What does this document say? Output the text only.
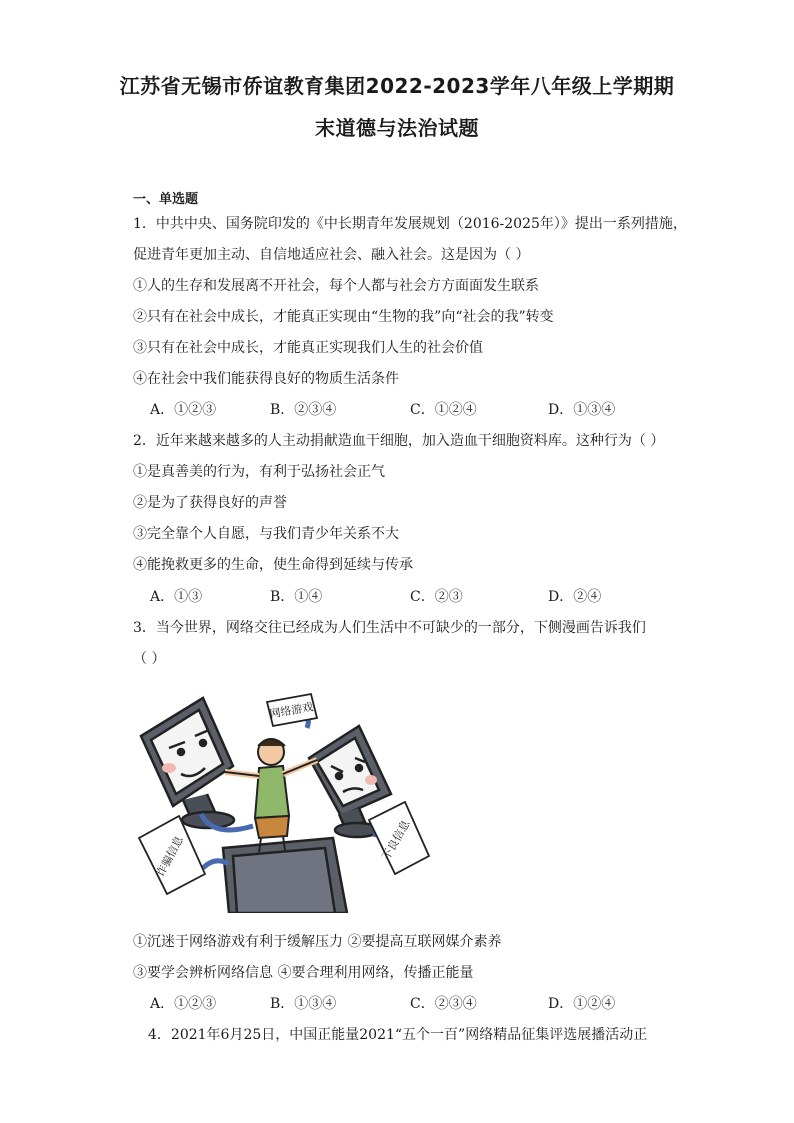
江苏省无锡市侨谊教育集团2022-2023学年八年级上学期期
末道德与法治试题
一、单选题
1．中共中央、国务院印发的《中长期青年发展规划（2016-2025年）》提出一系列措施，
促进青年更加主动、自信地适应社会、融入社会。这是因为（ ）
①人的生存和发展离不开社会，每个人都与社会方方面面发生联系
②只有在社会中成长，才能真正实现由“生物的我”向“社会的我”转变
③只有在社会中成长，才能真正实现我们人生的社会价值
④在社会中我们能获得良好的物质生活条件
A．①②③	B．②③④	C．①②④	D．①③④
2．近年来越来越多的人主动捐献造血干细胞，加入造血干细胞资料库。这种行为（ ）
①是真善美的行为，有利于弘扬社会正气
②是为了获得良好的声誉
③完全靠个人自愿，与我们青少年关系不大
④能挽救更多的生命，使生命得到延续与传承
A．①③	B．①④	C．②③	D．②④
3．当今世界，网络交往已经成为人们生活中不可缺少的一部分，下侧漫画告诉我们
（ ）
网络游戏
不良信息
诈骗信息
①沉迷于网络游戏有利于缓解压力 ②要提高互联网媒介素养
③要学会辨析网络信息 ④要合理利用网络，传播正能量
A．①②③	B．①③④	C．②③④	D．①②④
4．2021年6月25日，中国正能量2021“五个一百”网络精品征集评选展播活动正
